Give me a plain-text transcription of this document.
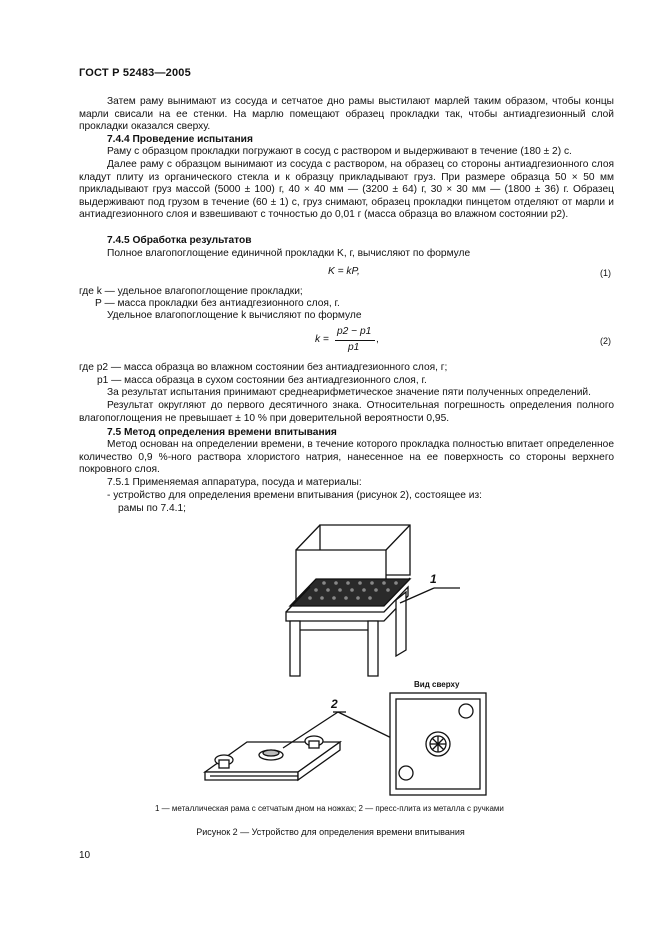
ГОСТ Р 52483—2005
Затем раму вынимают из сосуда и сетчатое дно рамы выстилают марлей таким образом, чтобы концы марли свисали на ее стенки. На марлю помещают образец прокладки так, чтобы антиадгезионный слой прокладки оказался сверху.
7.4.4 Проведение испытания
Раму с образцом прокладки погружают в сосуд с раствором и выдерживают в течение (180 ± 2) с.
Далее раму с образцом вынимают из сосуда с раствором, на образец со стороны антиадгезионного слоя кладут плиту из органического стекла и к образцу прикладывают груз. При размере образца 50 × 50 мм прикладывают груз массой (5000 ± 100) г, 40 × 40 мм — (3200 ± 64) г, 30 × 30 мм — (1800 ± 36) г. Образец выдерживают под грузом в течение (60 ± 1) с, груз снимают, образец прокладки пинцетом отделяют от марли и антиадгезионного слоя и взвешивают с точностью до 0,01 г (масса образца во влажном состоянии p2).
7.4.5 Обработка результатов
Полное влагопоглощение единичной прокладки K, г, вычисляют по формуле
K = kP,	(1)
где k — удельное влагопоглощение прокладки;
P — масса прокладки без антиадгезионного слоя, г.
Удельное влагопоглощение k вычисляют по формуле
k =
p2 − p1
p1
,	(2)
где p2 — масса образца во влажном состоянии без антиадгезионного слоя, г;
p1 — масса образца в сухом состоянии без антиадгезионного слоя, г.
За результат испытания принимают среднеарифметическое значение пяти полученных определений.
Результат округляют до первого десятичного знака. Относительная погрешность определения полного влагопоглощения не превышает ± 10 % при доверительной вероятности 0,95.
7.5 Метод определения времени впитывания
Метод основан на определении времени, в течение которого прокладка полностью впитает определенное количество 0,9 %-ного раствора хлористого натрия, нанесенное на ее поверхность со стороны верхнего покровного слоя.
7.5.1 Применяемая аппаратура, посуда и материалы:
- устройство для определения времени впитывания (рисунок 2), состоящее из:
рамы по 7.4.1;
1
2
Вид сверху
1 — металлическая рама с сетчатым дном на ножках; 2 — пресс-плита из металла с ручками
Рисунок 2 — Устройство для определения времени впитывания
10
